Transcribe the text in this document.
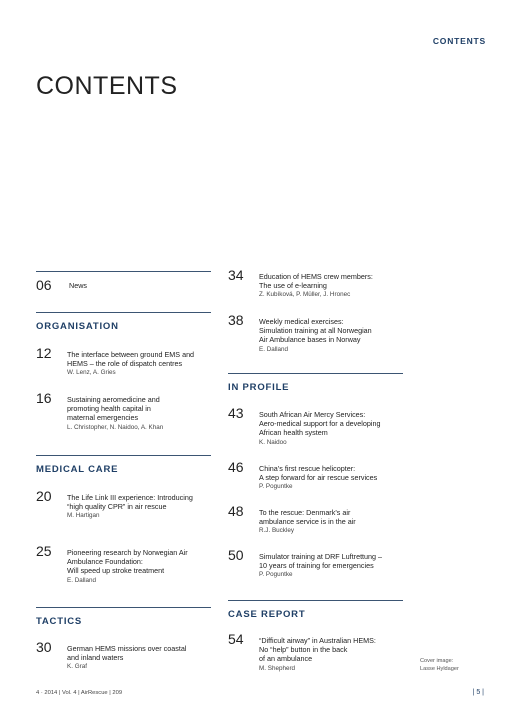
CONTENTS
CONTENTS
06 News

ORGANISATION
12 The interface between ground EMS and

HEMS – the role of dispatch centres

W. Lenz, A. Gries

16 Sustaining aeromedicine and

promoting health capital in

maternal emergencies

L. Christopher, N. Naidoo, A. Khan

MEDICAL CARE
20 The Life Link III experience: Introducing

“high quality CPR” in air rescue

M. Hartigan

25 Pioneering research by Norwegian Air

Ambulance Foundation:

Will speed up stroke treatment

E. Dalland

TACTICS
30 German HEMS missions over coastal

and inland waters

K. Graf

34 Education of HEMS crew members:

The use of e-learning

Z. Kubíková, P. Müller, J. Hronec

38 Weekly medical exercises:

Simulation training at all Norwegian

Air Ambulance bases in Norway

E. Dalland

IN PROFILE
43 South African Air Mercy Services:

Aero-medical support for a developing

African health system

K. Naidoo

46 China’s first rescue helicopter:

A step forward for air rescue services

P. Poguntke

48 To the rescue: Denmark’s air

ambulance service is in the air

R.J. Buckley

50 Simulator training at DRF Luftrettung –

10 years of training for emergencies

P. Poguntke

CASE REPORT
54 “Difficult airway” in Australian HEMS:

No “help” button in the back

of an ambulance

M. Shepherd

Cover image:
Lasse Hyldager
4 · 2014 | Vol. 4 | AirRescue | 209	| 5 |
